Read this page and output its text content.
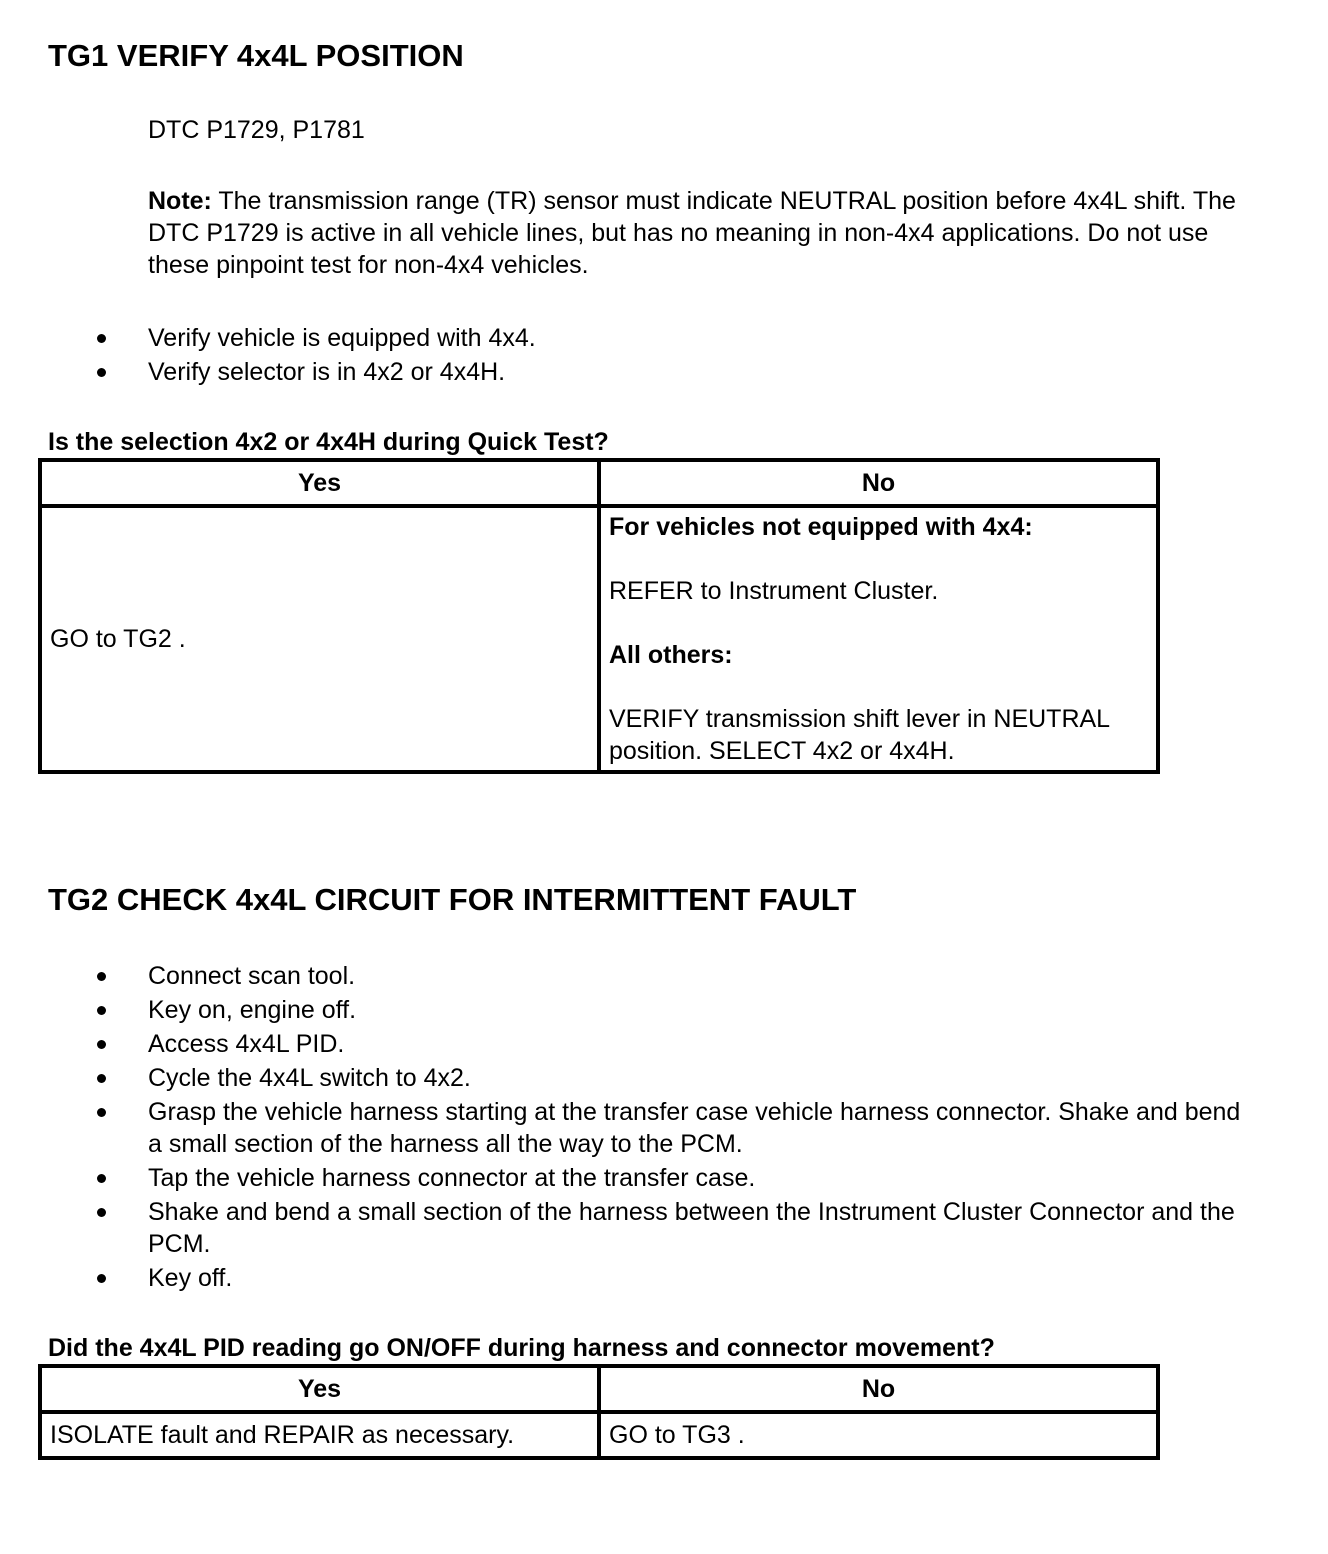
TG1 VERIFY 4x4L POSITION

DTC P1729, P1781

Note: The transmission range (TR) sensor must indicate NEUTRAL position before 4x4L shift. The DTC P1729 is active in all vehicle lines, but has no meaning in non-4x4 applications. Do not use these pinpoint test for non-4x4 vehicles.

Verify vehicle is equipped with 4x4.
Verify selector is in 4x2 or 4x4H.

Is the selection 4x2 or 4x4H during Quick Test?

Yes	No
GO to TG2 .	For vehicles not equipped with 4x4:

REFER to Instrument Cluster.

All others:

VERIFY transmission shift lever in NEUTRAL position. SELECT 4x2 or 4x4H.

TG2 CHECK 4x4L CIRCUIT FOR INTERMITTENT FAULT
Connect scan tool.
Key on, engine off.
Access 4x4L PID.
Cycle the 4x4L switch to 4x2.
Grasp the vehicle harness starting at the transfer case vehicle harness connector. Shake and bend a small section of the harness all the way to the PCM.
Tap the vehicle harness connector at the transfer case.
Shake and bend a small section of the harness between the Instrument Cluster Connector and the PCM.
Key off.

Did the 4x4L PID reading go ON/OFF during harness and connector movement?

Yes	No
ISOLATE fault and REPAIR as necessary.	GO to TG3 .
